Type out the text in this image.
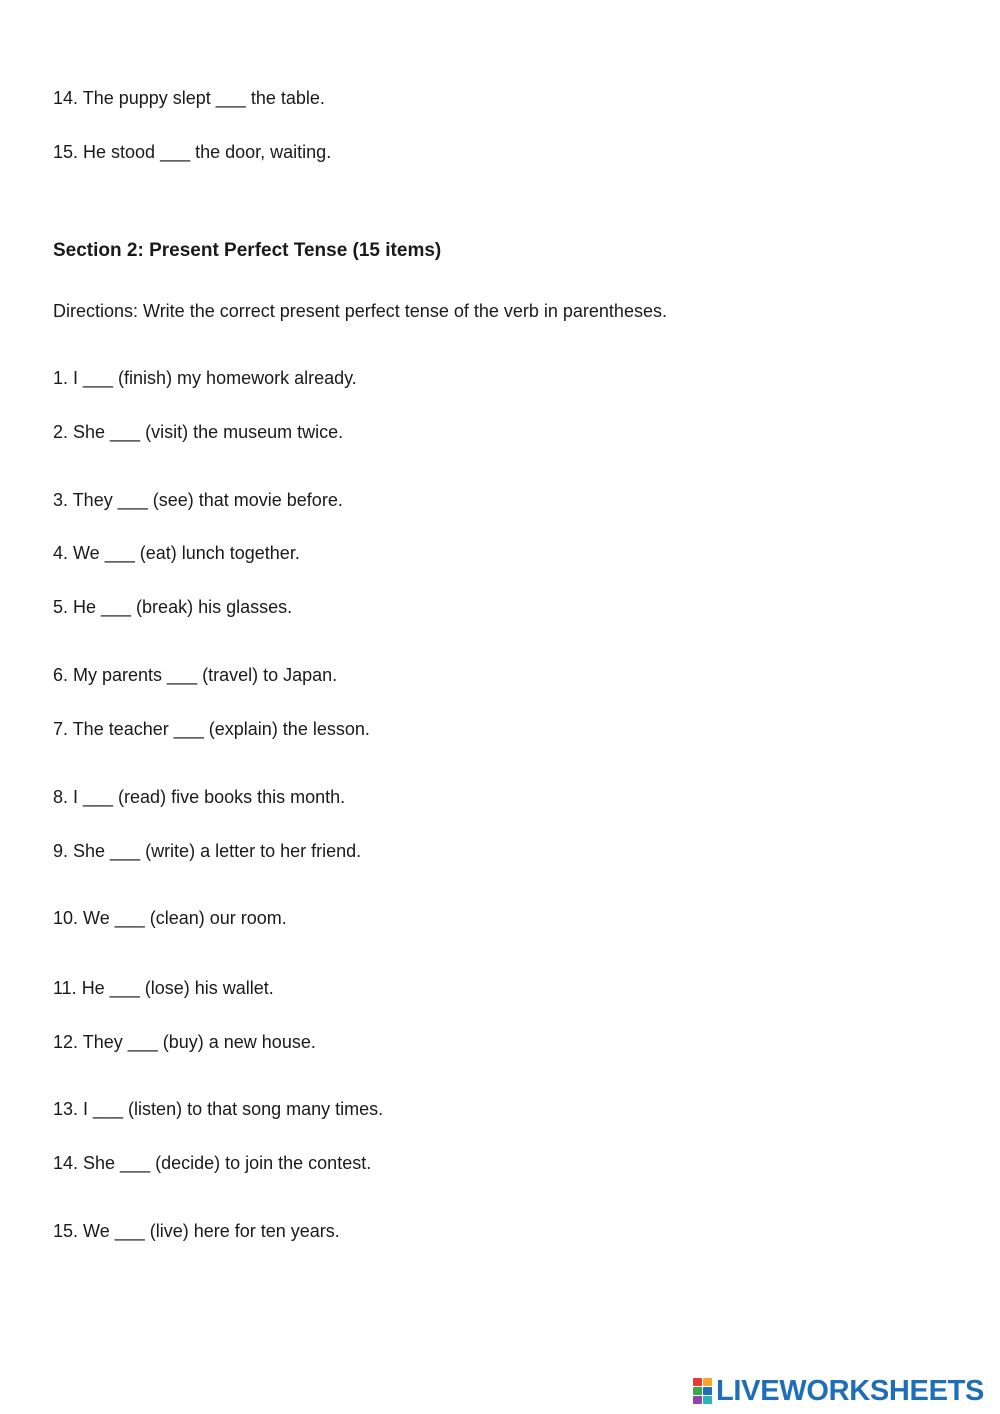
14. The puppy slept ___ the table.

15. He stood ___ the door, waiting.

Section 2: Present Perfect Tense (15 items)

Directions: Write the correct present perfect tense of the verb in parentheses.

1. I ___ (finish) my homework already.

2. She ___ (visit) the museum twice.

3. They ___ (see) that movie before.

4. We ___ (eat) lunch together.

5. He ___ (break) his glasses.

6. My parents ___ (travel) to Japan.

7. The teacher ___ (explain) the lesson.

8. I ___ (read) five books this month.

9. She ___ (write) a letter to her friend.

10. We ___ (clean) our room.

11. He ___ (lose) his wallet.

12. They ___ (buy) a new house.

13. I ___ (listen) to that song many times.

14. She ___ (decide) to join the contest.

15. We ___ (live) here for ten years.

LIVEWORKSHEETS
